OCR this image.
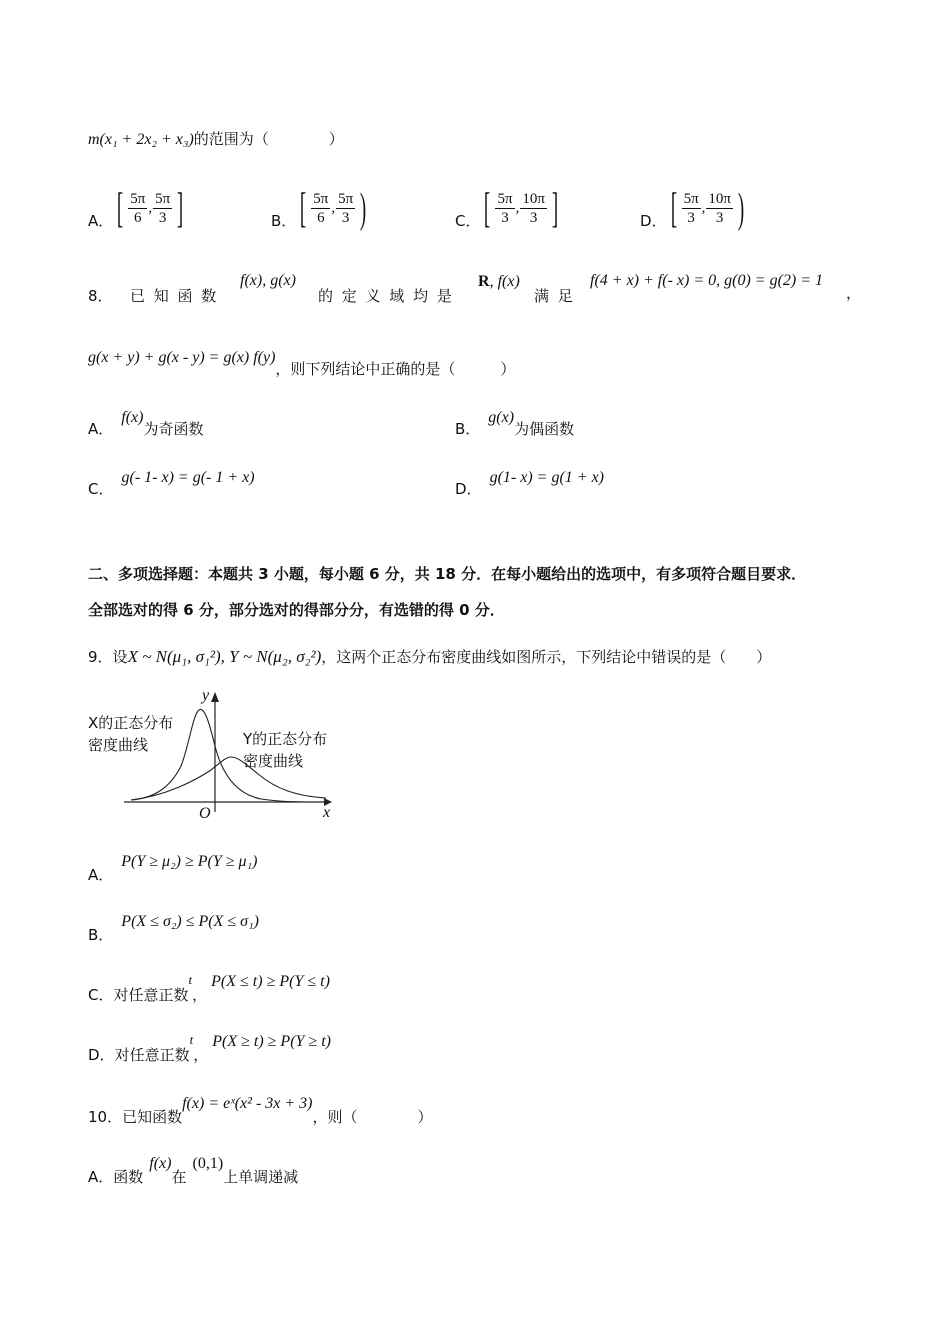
m(x₁ + 2x₂ + x₃)的范围为（　　　　）
A． [ $\frac{5\pi}{6}$ , $\frac{5\pi}{3}$ ]	B． [ $\frac{5\pi}{6}$ , $\frac{5\pi}{3}$ )	C． [ $\frac{5\pi}{3}$ , $\frac{10\pi}{3}$ ]	D． [ $\frac{5\pi}{3}$ , $\frac{10\pi}{3}$ )
8． 已 知 函 数
f(x), g(x)
的 定 义 域 均 是
R, f(x)
满 足
f(4 + x) + f(- x) = 0, g(0) = g(2) = 1
，
g(x + y) + g(x - y) = g(x) f(y)，则下列结论中正确的是（　　　）
A．f(x)为奇函数	B．g(x)为偶函数
C．g(- 1- x) = g(- 1 + x)
D．g(1- x) = g(1 + x)
二、多项选择题：本题共 3 小题，每小题 6 分，共 18 分．在每小题给出的选项中，有多项符合题目要求．
全部选对的得 6 分，部分选对的得部分分，有选错的得 0 分．
9．设X ~ N(μ₁, σ₁²), Y ~ N(μ₂, σ₂²)，这两个正态分布密度曲线如图所示，下列结论中错误的是（　　）
X的正态分布
密度曲线	Y的正态分布
密度曲线
y
x
O
A．P(Y ≥ μ₂) ≥ P(Y ≥ μ₁)
B．P(X ≤ σ₂) ≤ P(X ≤ σ₁)
C．对任意正数t，P(X ≤ t) ≥ P(Y ≤ t)
D．对任意正数t，P(X ≥ t) ≥ P(Y ≥ t)
10．已知函数f(x) = eˣ(x² - 3x + 3)，则（　　　　）
A．函数f(x)在(0,1)上单调递减
